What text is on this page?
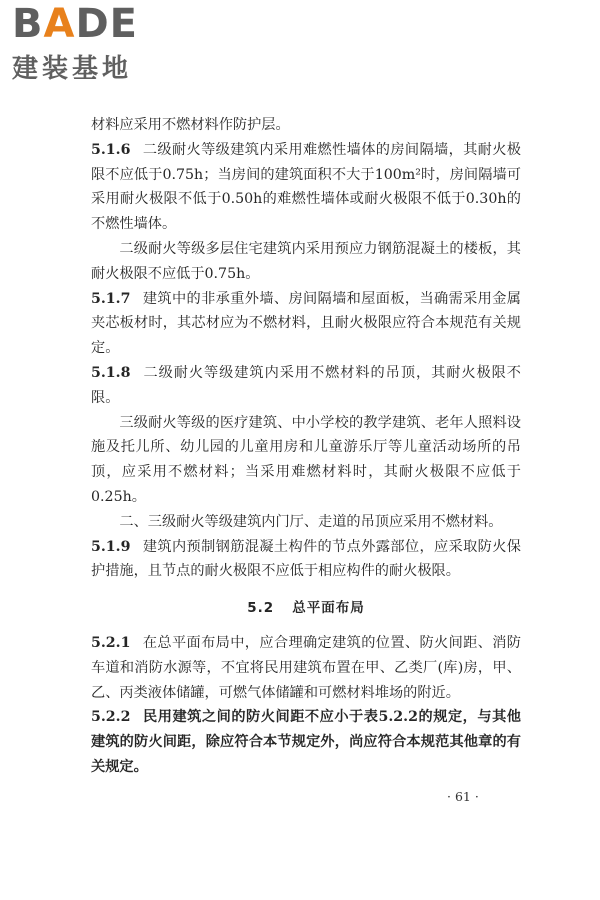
BADE
建装基地

材料应采用不燃材料作防护层。

5.1.6 二级耐火等级建筑内采用难燃性墙体的房间隔墙，其耐火极限不应低于0.75h；当房间的建筑面积不大于100m²时，房间隔墙可采用耐火极限不低于0.50h的难燃性墙体或耐火极限不低于0.30h的不燃性墙体。

二级耐火等级多层住宅建筑内采用预应力钢筋混凝土的楼板，其耐火极限不应低于0.75h。

5.1.7 建筑中的非承重外墙、房间隔墙和屋面板，当确需采用金属夹芯板材时，其芯材应为不燃材料，且耐火极限应符合本规范有关规定。

5.1.8 二级耐火等级建筑内采用不燃材料的吊顶，其耐火极限不限。

三级耐火等级的医疗建筑、中小学校的教学建筑、老年人照料设施及托儿所、幼儿园的儿童用房和儿童游乐厅等儿童活动场所的吊顶，应采用不燃材料；当采用难燃材料时，其耐火极限不应低于0.25h。

二、三级耐火等级建筑内门厅、走道的吊顶应采用不燃材料。

5.1.9 建筑内预制钢筋混凝土构件的节点外露部位，应采取防火保护措施，且节点的耐火极限不应低于相应构件的耐火极限。

5.2 总平面布局

5.2.1 在总平面布局中，应合理确定建筑的位置、防火间距、消防车道和消防水源等，不宜将民用建筑布置在甲、乙类厂(库)房，甲、乙、丙类液体储罐，可燃气体储罐和可燃材料堆场的附近。

5.2.2 民用建筑之间的防火间距不应小于表5.2.2的规定，与其他建筑的防火间距，除应符合本节规定外，尚应符合本规范其他章的有关规定。

· 61 ·
